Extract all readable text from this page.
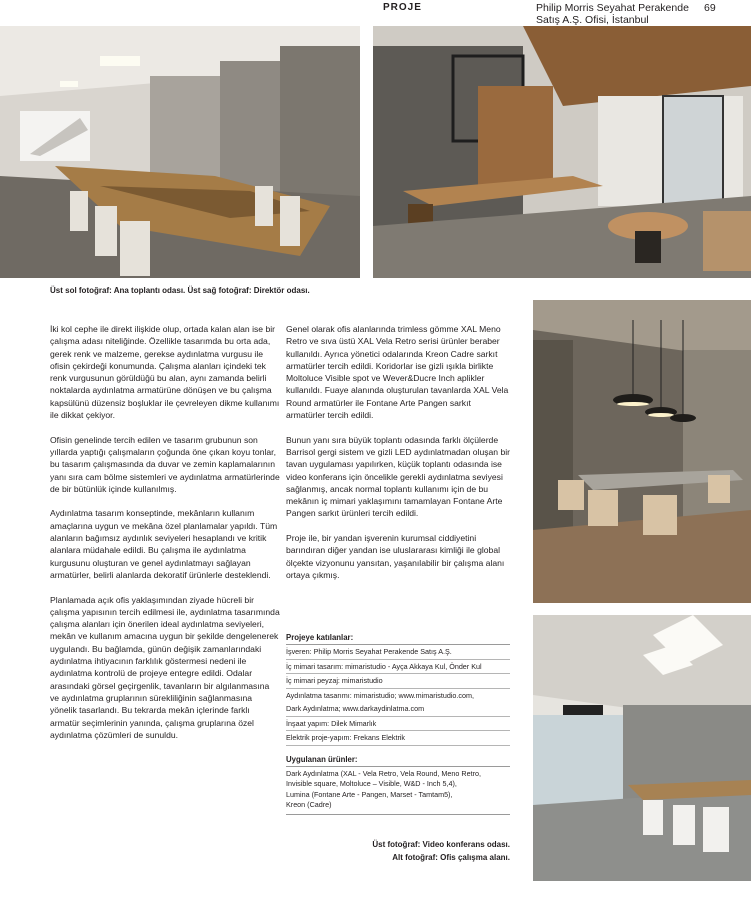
PROJE	Philip Morris Seyahat Perakende Satış A.Ş. Ofisi, İstanbul
69
Üst sol fotoğraf: Ana toplantı odası. Üst sağ fotoğraf: Direktör odası.

İki kol cephe ile direkt ilişkide olup, ortada kalan alan ise bir çalışma adası niteliğinde. Özellikle tasarımda bu orta ada, gerek renk ve malzeme, gerekse aydınlatma vurgusu ile ofisin çekirdeği konumunda. Çalışma alanları içindeki tek renk vurgusunun görüldüğü bu alan, aynı zamanda belirli noktalarda aydınlatma armatürüne dönüşen ve bu çalışma kapsülünü düzensiz boşluklar ile çevreleyen dikme kullanımı ile dikkat çekiyor.

Ofisin genelinde tercih edilen ve tasarım grubunun son yıllarda yaptığı çalışmaların çoğunda öne çıkan koyu tonlar, bu tasarım çalışmasında da duvar ve zemin kaplamalarının yanı sıra cam bölme sistemleri ve aydınlatma armatürlerinde de bir bütünlük içinde kullanılmış.

Aydınlatma tasarım konseptinde, mekânların kullanım amaçlarına uygun ve mekâna özel planlamalar yapıldı. Tüm alanların bağımsız aydınlık seviyeleri hesaplandı ve kritik alanlara müdahale edildi. Bu çalışma ile aydınlatma kurgusunu oluşturan ve genel aydınlatmayı sağlayan armatürler, belirli alanlarda dekoratif ürünlerle desteklendi.

Planlamada açık ofis yaklaşımından ziyade hücreli bir çalışma yapısının tercih edilmesi ile, aydınlatma tasarımında çalışma alanları için önerilen ideal aydınlatma seviyeleri, mekân ve kullanım amacına uygun bir şekilde dengelenerek uygulandı. Bu bağlamda, günün değişik zamanlarındaki aydınlatma ihtiyacının farklılık göstermesi nedeni ile aydınlatma kontrolü de projeye entegre edildi. Odalar arasındaki görsel geçirgenlik, tavanların bir algılanmasına ve aydınlatma gruplarının sürekliliğinin sağlanmasına yönelik tasarlandı. Bu tekrarda mekân içlerinde farklı armatür seçimlerinin yanında, çalışma gruplarına özel aydınlatma çözümleri de sunuldu.

Genel olarak ofis alanlarında trimless gömme XAL Meno Retro ve sıva üstü XAL Vela Retro serisi ürünler beraber kullanıldı. Ayrıca yönetici odalarında Kreon Cadre sarkıt armatürler tercih edildi. Koridorlar ise gizli ışıkla birlikte Moltoluce Visible spot ve Wever&Ducre Inch aplikler kullanıldı. Fuaye alanında oluşturulan tavanlarda XAL Vela Round armatürler ile Fontane Arte Pangen sarkıt armatürler tercih edildi.

Bunun yanı sıra büyük toplantı odasında farklı ölçülerde Barrisol gergi sistem ve gizli LED aydınlatmadan oluşan bir tavan uygulaması yapılırken, küçük toplantı odasında ise video konferans için öncelikle gerekli aydınlatma seviyesi sağlanmış, ancak normal toplantı kullanımı için de bu mekânın iç mimari yaklaşımını tamamlayan Fontane Arte Pangen sarkıt ürünleri tercih edildi.

Proje ile, bir yandan işverenin kurumsal ciddiyetini barındıran diğer yandan ise uluslararası kimliği ile global ölçekte vizyonunu yansıtan, yaşanılabilir bir çalışma alanı ortaya çıkmış.

Projeye katılanlar:
İşveren: Philip Morris Seyahat Perakende Satış A.Ş.
İç mimari tasarım: mimaristudio - Ayça Akkaya Kul, Önder Kul
İç mimari peyzaj: mimaristudio
Aydınlatma tasarımı: mimaristudio; www.mimaristudio.com,
Dark Aydınlatma; www.darkaydinlatma.com
İnşaat yapım: Dilek Mimarlık
Elektrik proje-yapım: Frekans Elektrik
Uygulanan ürünler:
Dark Aydınlatma (XAL - Vela Retro, Vela Round, Meno Retro,
Invisible square, Moltoluce – Visible, W&D - Inch 5,4),
Lumina (Fontane Arte - Pangen, Marset - Tamtam5),
Kreon (Cadre)
Üst fotoğraf: Video konferans odası.
Alt fotoğraf: Ofis çalışma alanı.
